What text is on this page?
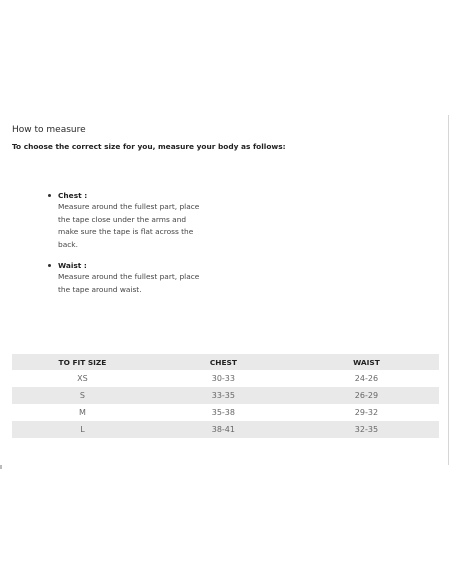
How to measure
To choose the correct size for you, measure your body as follows:
Chest :
Measure around the fullest part, place
the tape close under the arms and
make sure the tape is flat across the
back.
Waist :
Measure around the fullest part, place
the tape around waist.
TO FIT SIZE	CHEST	WAIST
XS	30-33	24-26
S	33-35	26-29
M	35-38	29-32
L	38-41	32-35
